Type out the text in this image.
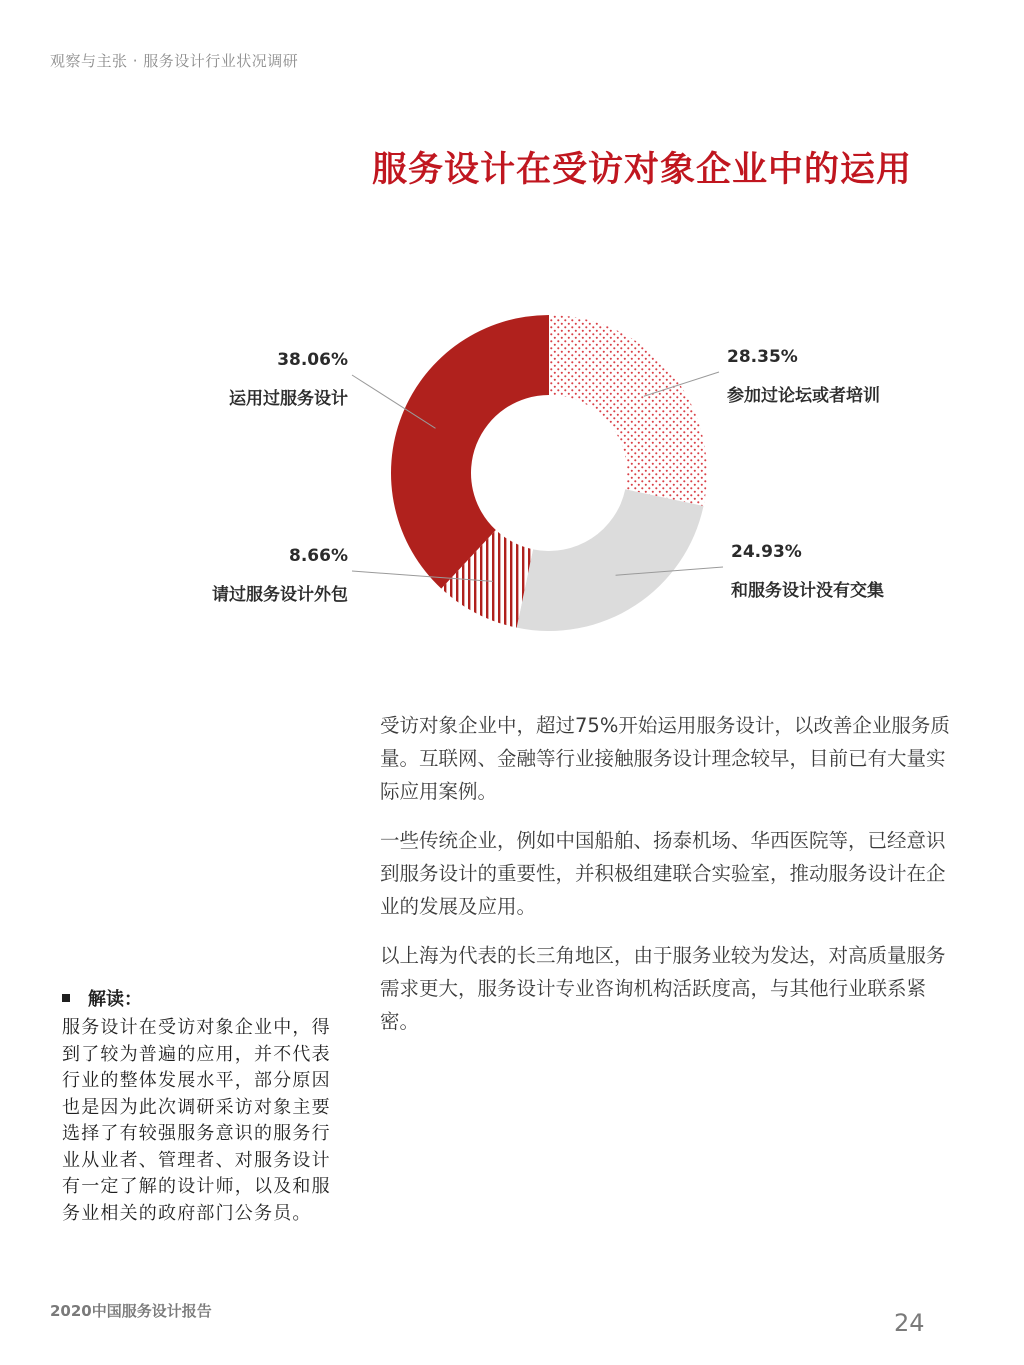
观察与主张 · 服务设计行业状况调研
服务设计在受访对象企业中的运用
28.35%
参加过论坛或者培训
24.93%
和服务设计没有交集
8.66%
请过服务设计外包
38.06%
运用过服务设计

受访对象企业中，超过75%开始运用服务设计，以改善企业服务质量。互联网、金融等行业接触服务设计理念较早，目前已有大量实际应用案例。

一些传统企业，例如中国船舶、扬泰机场、华西医院等，已经意识到服务设计的重要性，并积极组建联合实验室，推动服务设计在企业的发展及应用。

以上海为代表的长三角地区，由于服务业较为发达，对高质量服务需求更大，服务设计专业咨询机构活跃度高，与其他行业联系紧密。

解读：
服务设计在受访对象企业中，得到了较为普遍的应用，并不代表行业的整体发展水平，部分原因也是因为此次调研采访对象主要选择了有较强服务意识的服务行业从业者、管理者、对服务设计有一定了解的设计师，以及和服务业相关的政府部门公务员。
2020中国服务设计报告	24
